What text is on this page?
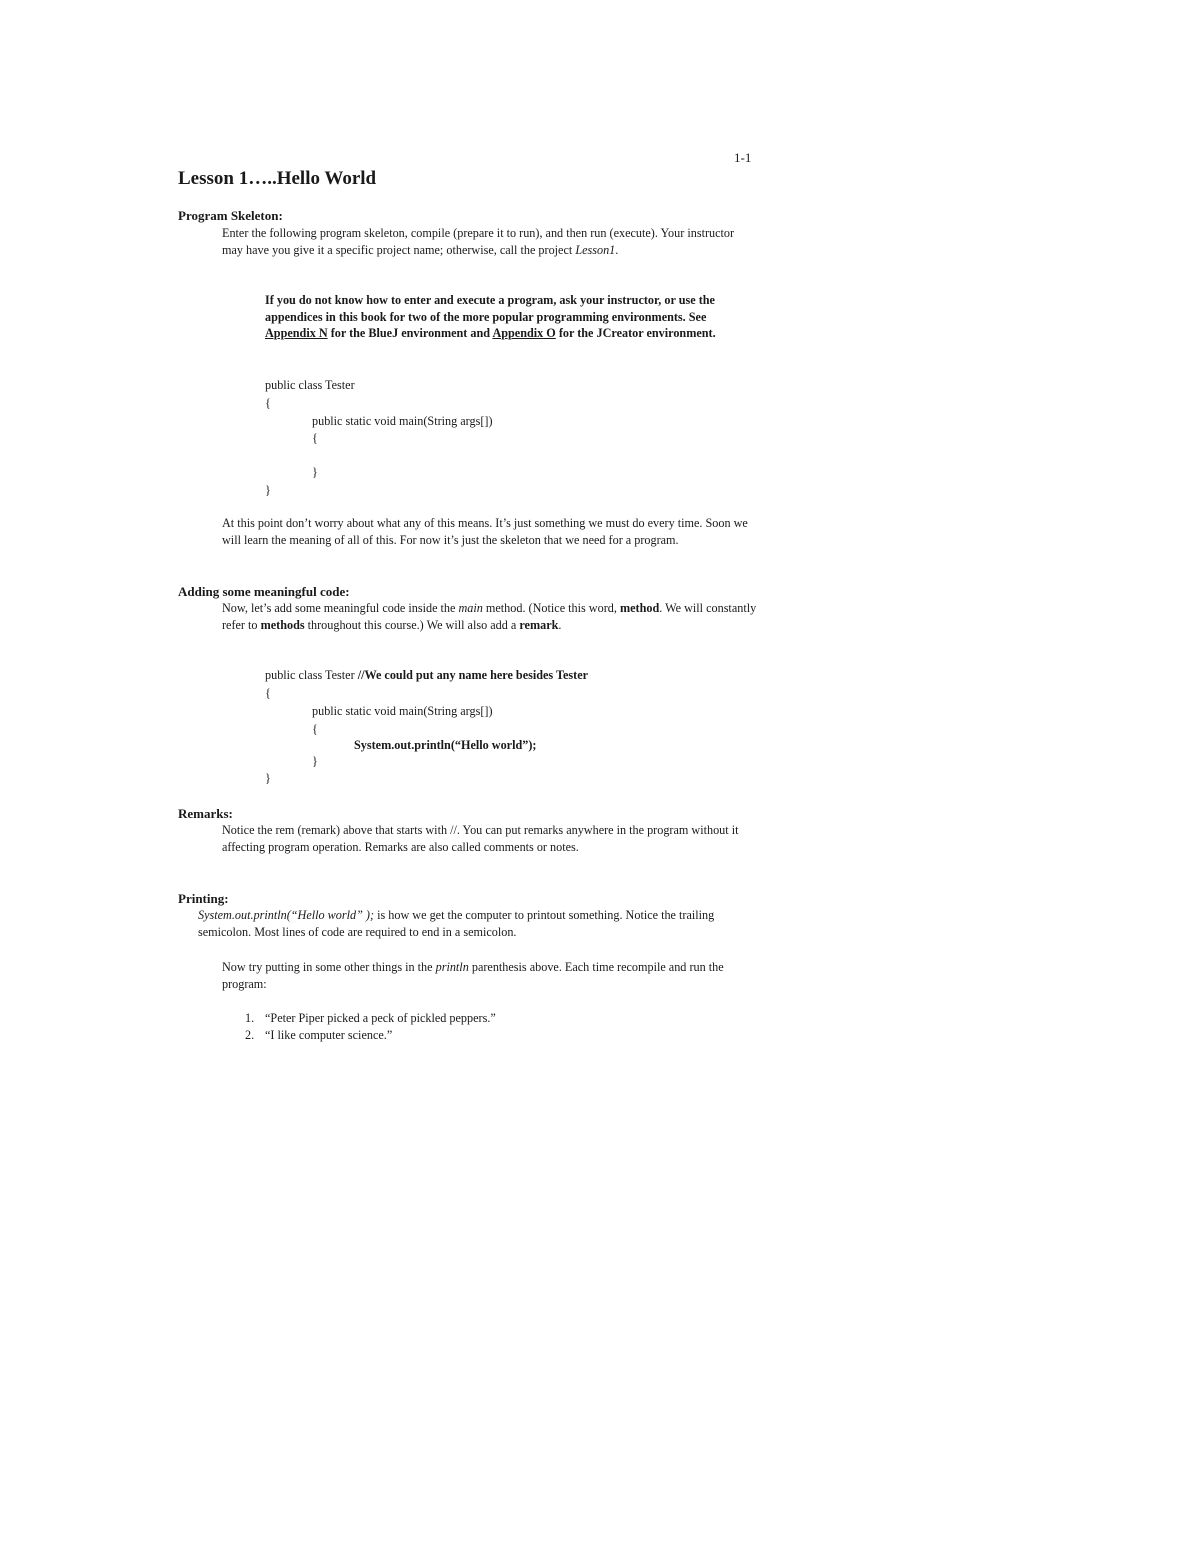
1-1
Lesson 1…..Hello World
Program Skeleton:

Enter the following program skeleton, compile (prepare it to run), and then run (execute). Your instructor may have you give it a specific project name; otherwise, call the project Lesson1.

If you do not know how to enter and execute a program, ask your instructor, or use the appendices in this book for two of the more popular programming environments. See Appendix N for the BlueJ environment and Appendix O for the JCreator environment.

public class Tester
{
public static void main(String args[])
{
}
}

At this point don’t worry about what any of this means. It’s just something we must do every time. Soon we will learn the meaning of all of this. For now it’s just the skeleton that we need for a program.

Adding some meaningful code:

Now, let’s add some meaningful code inside the main method. (Notice this word, method. We will constantly refer to methods throughout this course.) We will also add a remark.

public class Tester //We could put any name here besides Tester
{
public static void main(String args[])
{
System.out.println(“Hello world”);
}
}
Remarks:

Notice the rem (remark) above that starts with //. You can put remarks anywhere in the program without it affecting program operation. Remarks are also called comments or notes.

Printing:

System.out.println(“Hello world” ); is how we get the computer to printout something. Notice the trailing semicolon. Most lines of code are required to end in a semicolon.

Now try putting in some other things in the println parenthesis above. Each time recompile and run the program:

1. “Peter Piper picked a peck of pickled peppers.”
2. “I like computer science.”
